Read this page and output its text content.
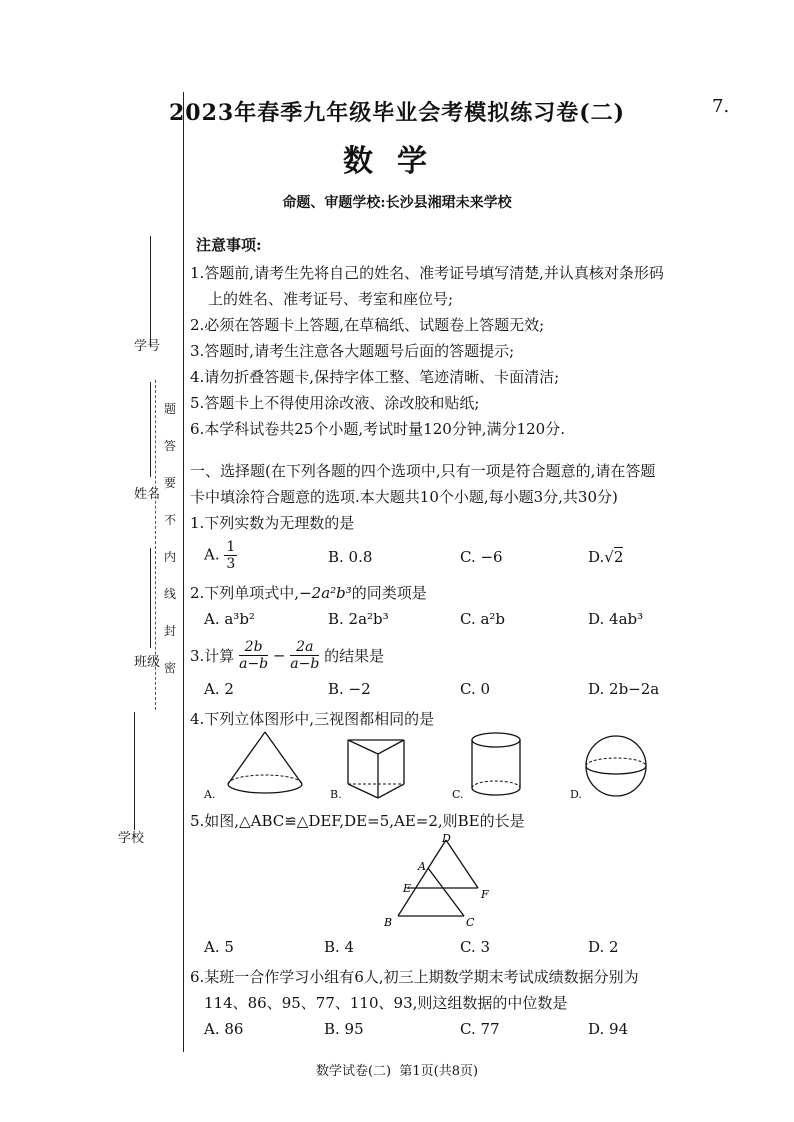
学号
姓名
班级
学校
题
答
要
不
内
线
封
密
7.
2023年春季九年级毕业会考模拟练习卷(二)
数学
命题、审题学校:长沙县湘珺未来学校
注意事项:
1.答题前,请考生先将自己的姓名、准考证号填写清楚,并认真核对条形码
上的姓名、准考证号、考室和座位号;
2.必须在答题卡上答题,在草稿纸、试题卷上答题无效;
3.答题时,请考生注意各大题题号后面的答题提示;
4.请勿折叠答题卡,保持字体工整、笔迹清晰、卡面清洁;
5.答题卡上不得使用涂改液、涂改胶和贴纸;
6.本学科试卷共25个小题,考试时量120分钟,满分120分.
一、选择题(在下列各题的四个选项中,只有一项是符合题意的,请在答题
卡中填涂符合题意的选项.本大题共10个小题,每小题3分,共30分)
1.下列实数为无理数的是
A. $\frac{1}{3}$	B. 0.8	C. −6	D.√2
2.下列单项式中,−2a²b³的同类项是
A. a³b²	B. 2a²b³	C. a²b	D. 4ab³
3.计算 $\frac{2b}{a-b} - \frac{2a}{a-b}$ 的结果是
A. 2	B. −2	C. 0	D. 2b−2a
4.下列立体图形中,三视图都相同的是
A.	B.	C.	D.
5.如图,△ABC≌△DEF,DE=5,AE=2,则BE的长是
D
A
E	F
B	C
A. 5	B. 4	C. 3	D. 2
6.某班一合作学习小组有6人,初三上期数学期末考试成绩数据分别为
114、86、95、77、110、93,则这组数据的中位数是
A. 86	B. 95	C. 77	D. 94
数学试卷(二)  第1页(共8页)
